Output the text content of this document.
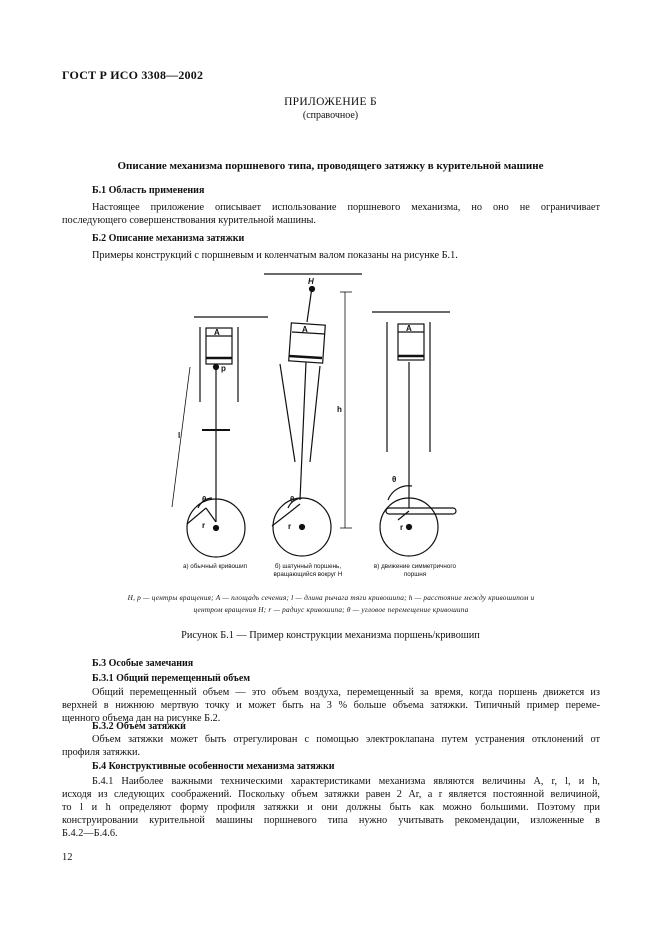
ГОСТ Р ИСО 3308—2002
ПРИЛОЖЕНИЕ Б
(справочное)
Описание механизма поршневого типа, проводящего затяжку в курительной машине
Б.1 Область применения
Настоящее приложение описывает использование поршневого механизма, но оно не ограничивает
последующего совершенствования курительной машины.
Б.2 Описание механизма затяжки
Примеры конструкций с поршневым и коленчатым валом показаны на рисунке Б.1.
A	A	A
H
p
l
h
θ	θ
θ
r	r	r
а) обычный кривошип	б) шатунный поршень,
вращающийся вокруг H
в) движение симметричного
поршня
H, p — центры вращения; A — площадь сечения; l — длина рычага тяги кривошипа; h — расстояние между кривошипом и
центром вращения H; r — радиус кривошипа; θ — угловое перемещение кривошипа
Рисунок Б.1 — Пример конструкции механизма поршень/кривошип
Б.3 Особые замечания
Б.3.1 Общий перемещенный объем
Общий перемещенный объем — это объем воздуха, перемещенный за время, когда поршень движется из
верхней в нижнюю мертвую точку и может быть на 3 % больше объема затяжки. Типичный пример переме-
щенного объема дан на рисунке Б.2.
Б.3.2 Объем затяжки
Объем затяжки может быть отрегулирован с помощью электроклапана путем устранения отклонений от
профиля затяжки.
Б.4 Конструктивные особенности механизма затяжки
Б.4.1 Наиболее важными техническими характеристиками механизма являются величины A, r, l, и h,
исходя из следующих соображений. Поскольку объем затяжки равен 2 Ar, а r является постоянной величиной,
то l и h определяют форму профиля затяжки и они должны быть как можно большими. Поэтому при
конструировании курительной машины поршневого типа нужно учитывать рекомендации, изложенные в
Б.4.2—Б.4.6.
12
